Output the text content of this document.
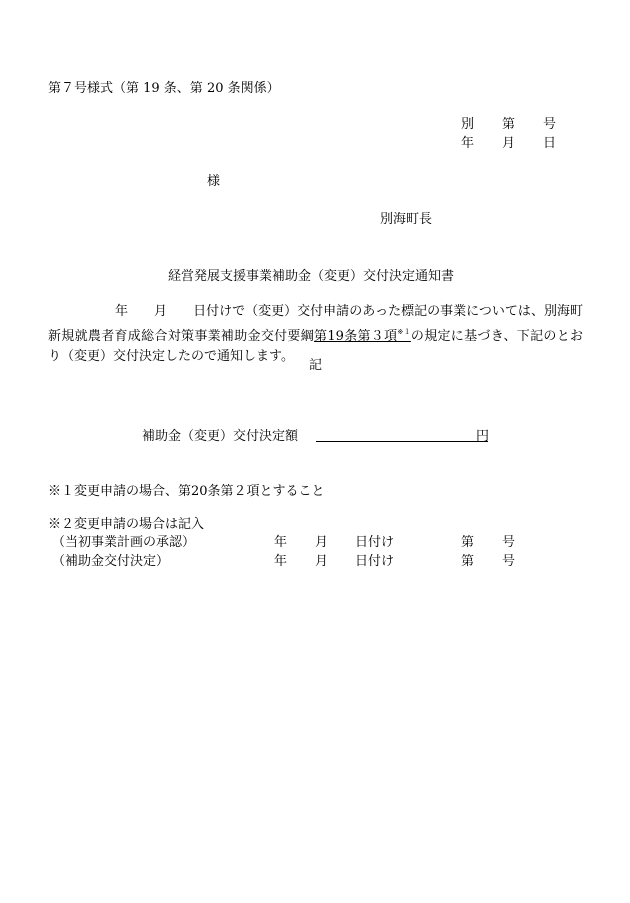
第７号様式（第 19 条、第 20 条関係）
別 第 号
年 月 日
様
別海町長
経営発展支援事業補助金（変更）交付決定通知書
年 月 日付けで（変更）交付申請のあった標記の事業については、別海町新規就農者育成総合対策事業補助金交付要綱第19条第３項$^{※1}$の規定に基づき、下記のとおり（変更）交付決定したので通知します。
記
補助金（変更）交付決定額	円
※１変更申請の場合、第20条第２項とすること
※２変更申請の場合は記入
（当初事業計画の承認）	年 月 日付け	第 号
（補助金交付決定）	年 月 日付け	第 号
